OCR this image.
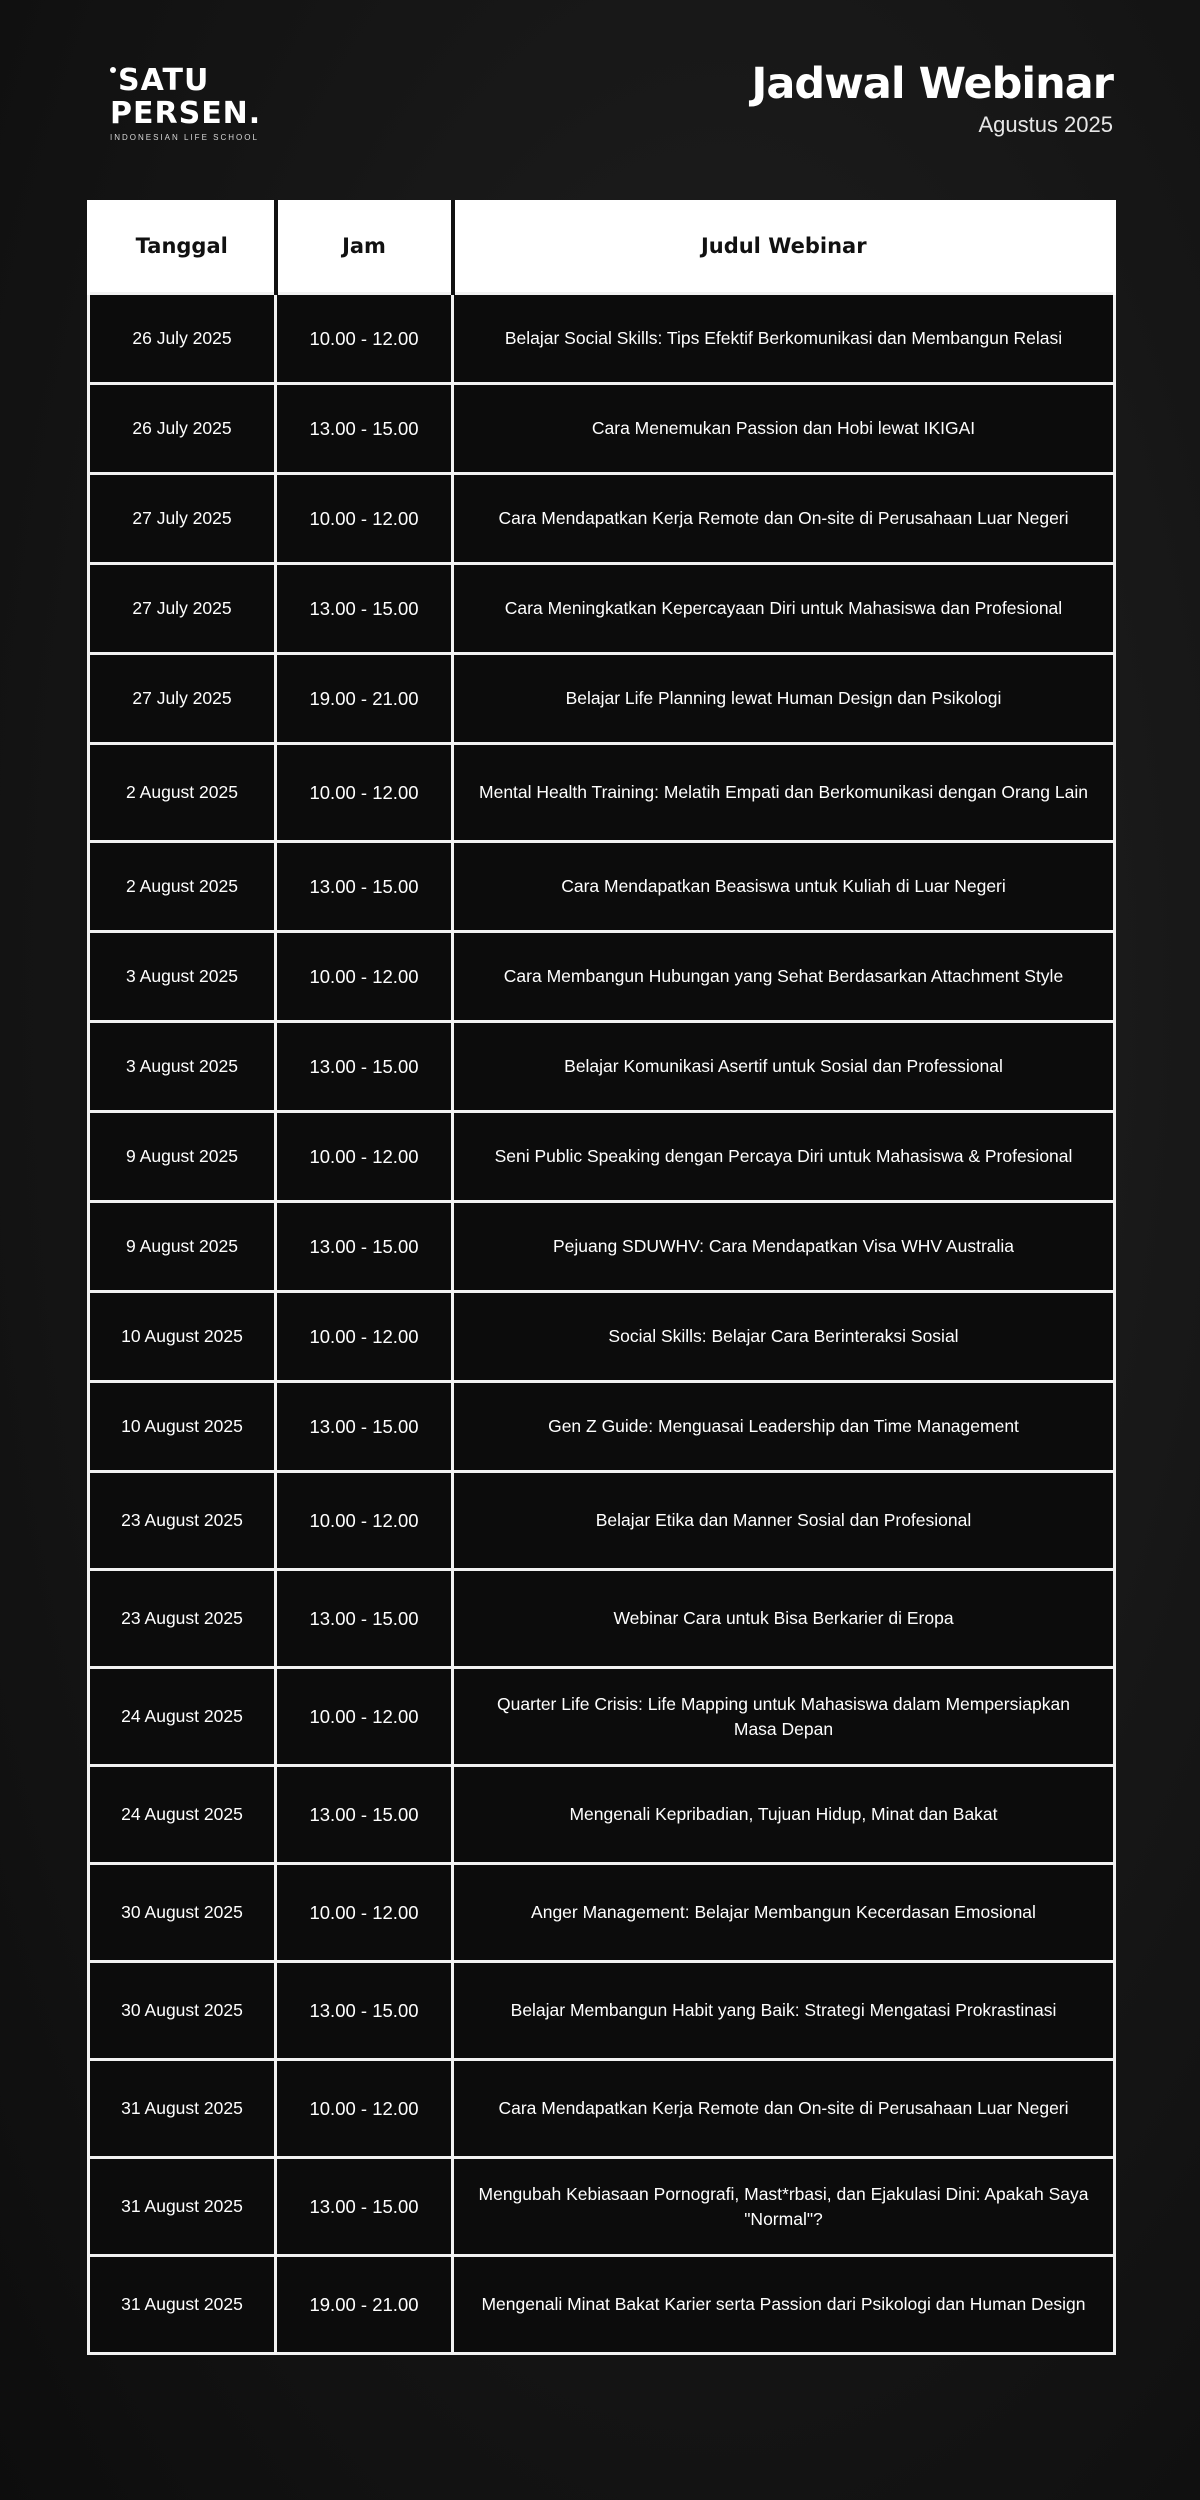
SATU
PERSEN.
INDONESIAN LIFE SCHOOL
Jadwal Webinar
Agustus 2025
Tanggal	Jam	Judul Webinar
26 July 2025	10.00 - 12.00	Belajar Social Skills: Tips Efektif Berkomunikasi dan Membangun Relasi
26 July 2025	13.00 - 15.00	Cara Menemukan Passion dan Hobi lewat IKIGAI
27 July 2025	10.00 - 12.00	Cara Mendapatkan Kerja Remote dan On-site di Perusahaan Luar Negeri
27 July 2025	13.00 - 15.00	Cara Meningkatkan Kepercayaan Diri untuk Mahasiswa dan Profesional
27 July 2025	19.00 - 21.00	Belajar Life Planning lewat Human Design dan Psikologi
2 August 2025	10.00 - 12.00	Mental Health Training: Melatih Empati dan Berkomunikasi dengan Orang Lain
2 August 2025	13.00 - 15.00	Cara Mendapatkan Beasiswa untuk Kuliah di Luar Negeri
3 August 2025	10.00 - 12.00	Cara Membangun Hubungan yang Sehat Berdasarkan Attachment Style
3 August 2025	13.00 - 15.00	Belajar Komunikasi Asertif untuk Sosial dan Professional
9 August 2025	10.00 - 12.00	Seni Public Speaking dengan Percaya Diri untuk Mahasiswa & Profesional
9 August 2025	13.00 - 15.00	Pejuang SDUWHV: Cara Mendapatkan Visa WHV Australia
10 August 2025	10.00 - 12.00	Social Skills: Belajar Cara Berinteraksi Sosial
10 August 2025	13.00 - 15.00	Gen Z Guide: Menguasai Leadership dan Time Management
23 August 2025	10.00 - 12.00	Belajar Etika dan Manner Sosial dan Profesional
23 August 2025	13.00 - 15.00	Webinar Cara untuk Bisa Berkarier di Eropa
24 August 2025	10.00 - 12.00	Quarter Life Crisis: Life Mapping untuk Mahasiswa dalam Mempersiapkan Masa Depan
24 August 2025	13.00 - 15.00	Mengenali Kepribadian, Tujuan Hidup, Minat dan Bakat
30 August 2025	10.00 - 12.00	Anger Management: Belajar Membangun Kecerdasan Emosional
30 August 2025	13.00 - 15.00	Belajar Membangun Habit yang Baik: Strategi Mengatasi Prokrastinasi
31 August 2025	10.00 - 12.00	Cara Mendapatkan Kerja Remote dan On-site di Perusahaan Luar Negeri
31 August 2025	13.00 - 15.00	Mengubah Kebiasaan Pornografi, Mast*rbasi, dan Ejakulasi Dini: Apakah Saya "Normal"?
31 August 2025	19.00 - 21.00	Mengenali Minat Bakat Karier serta Passion dari Psikologi dan Human Design
